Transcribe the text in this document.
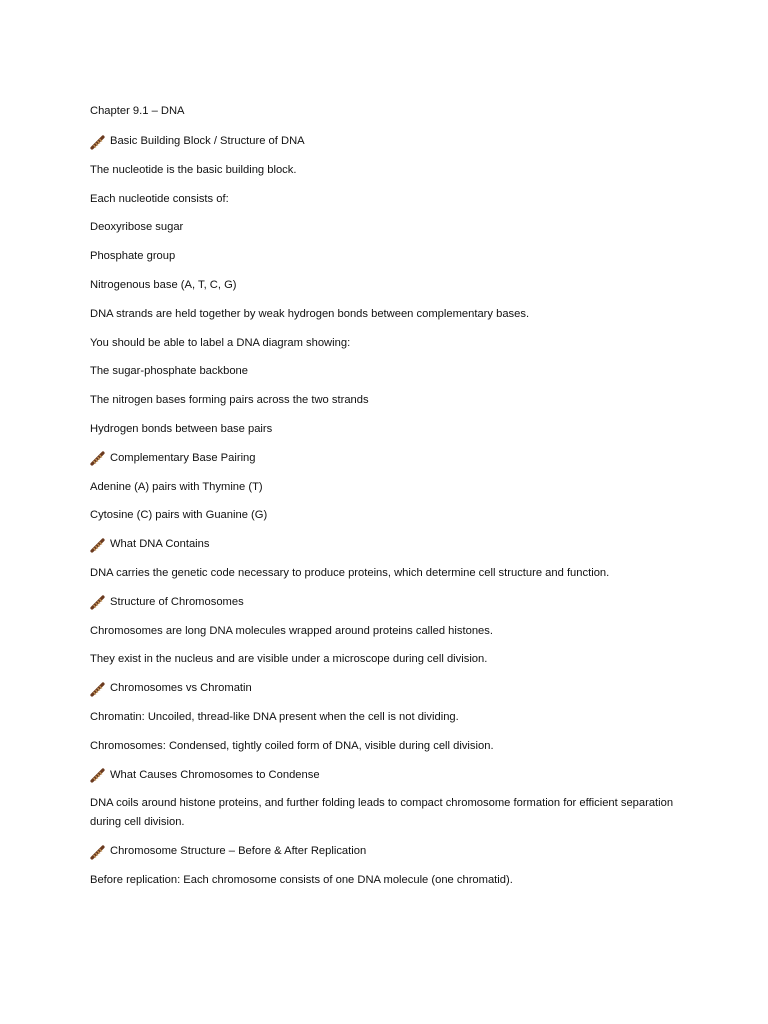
Chapter 9.1 – DNA

Basic Building Block / Structure of DNA

The nucleotide is the basic building block.

Each nucleotide consists of:

Deoxyribose sugar

Phosphate group

Nitrogenous base (A, T, C, G)

DNA strands are held together by weak hydrogen bonds between complementary bases.

You should be able to label a DNA diagram showing:

The sugar-phosphate backbone

The nitrogen bases forming pairs across the two strands

Hydrogen bonds between base pairs

Complementary Base Pairing

Adenine (A) pairs with Thymine (T)

Cytosine (C) pairs with Guanine (G)

What DNA Contains

DNA carries the genetic code necessary to produce proteins, which determine cell structure and function.

Structure of Chromosomes

Chromosomes are long DNA molecules wrapped around proteins called histones.

They exist in the nucleus and are visible under a microscope during cell division.

Chromosomes vs Chromatin

Chromatin: Uncoiled, thread-like DNA present when the cell is not dividing.

Chromosomes: Condensed, tightly coiled form of DNA, visible during cell division.

What Causes Chromosomes to Condense

DNA coils around histone proteins, and further folding leads to compact chromosome formation for efficient separation during cell division.

Chromosome Structure – Before & After Replication

Before replication: Each chromosome consists of one DNA molecule (one chromatid).
